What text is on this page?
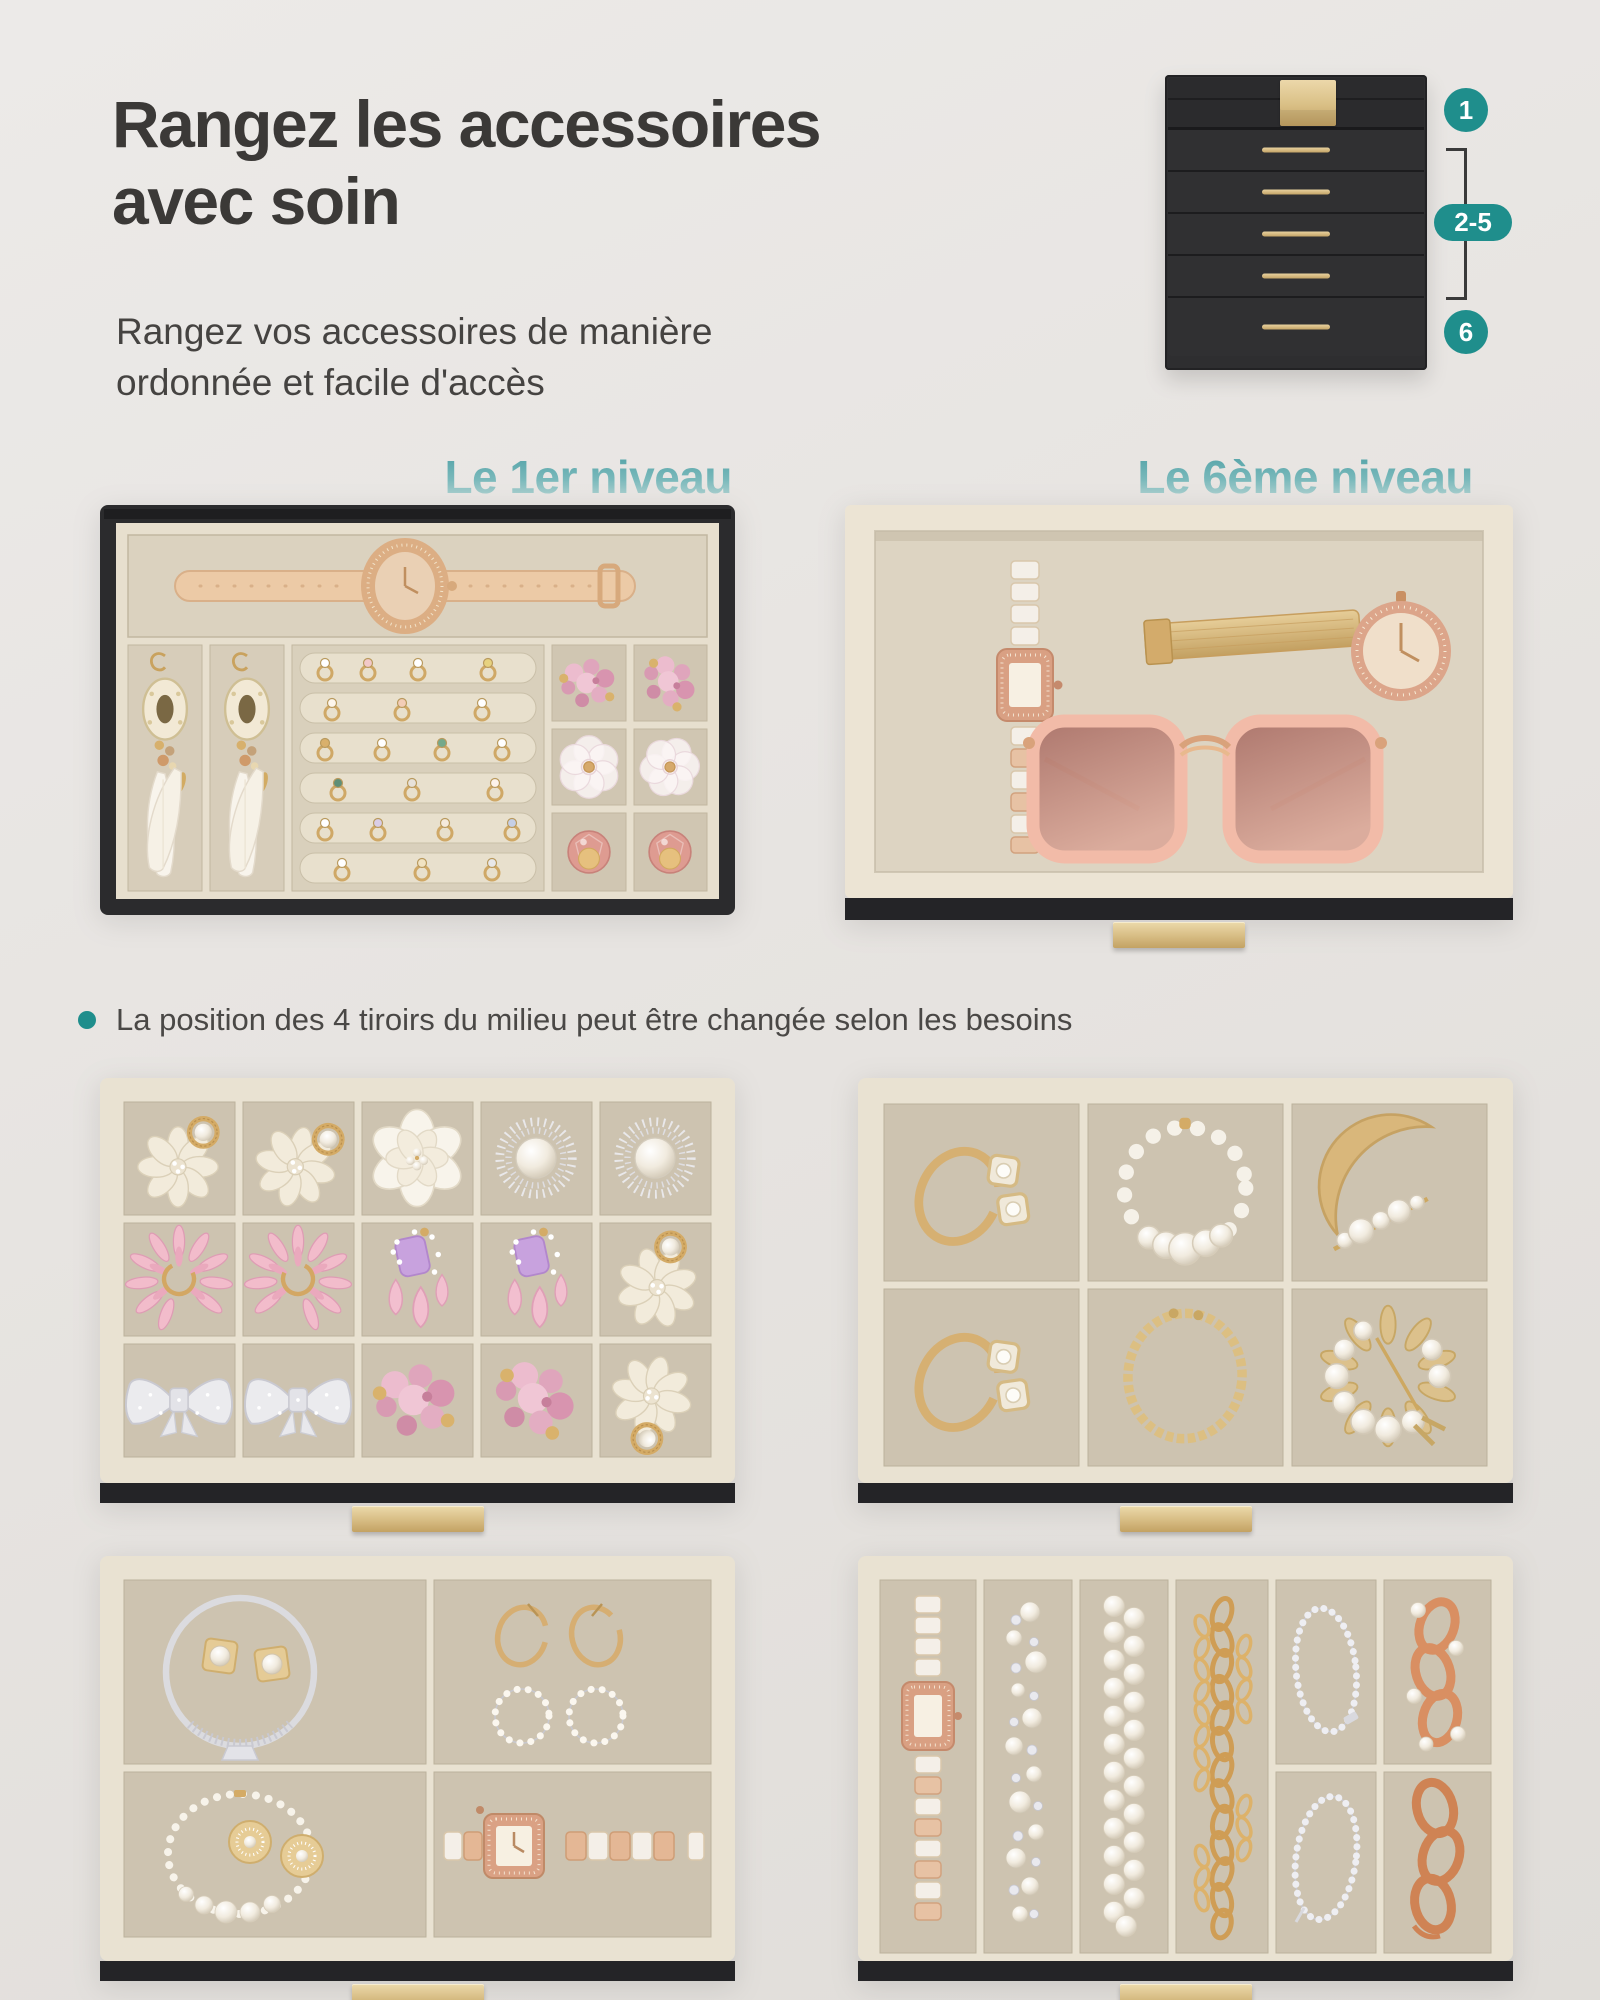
Rangez les accessoires
avec soin
Rangez vos accessoires de manière
ordonnée et facile d'accès
1
2-5
6
Le 1er niveau	Le 6ème niveau
La position des 4 tiroirs du milieu peut être changée selon les besoins
